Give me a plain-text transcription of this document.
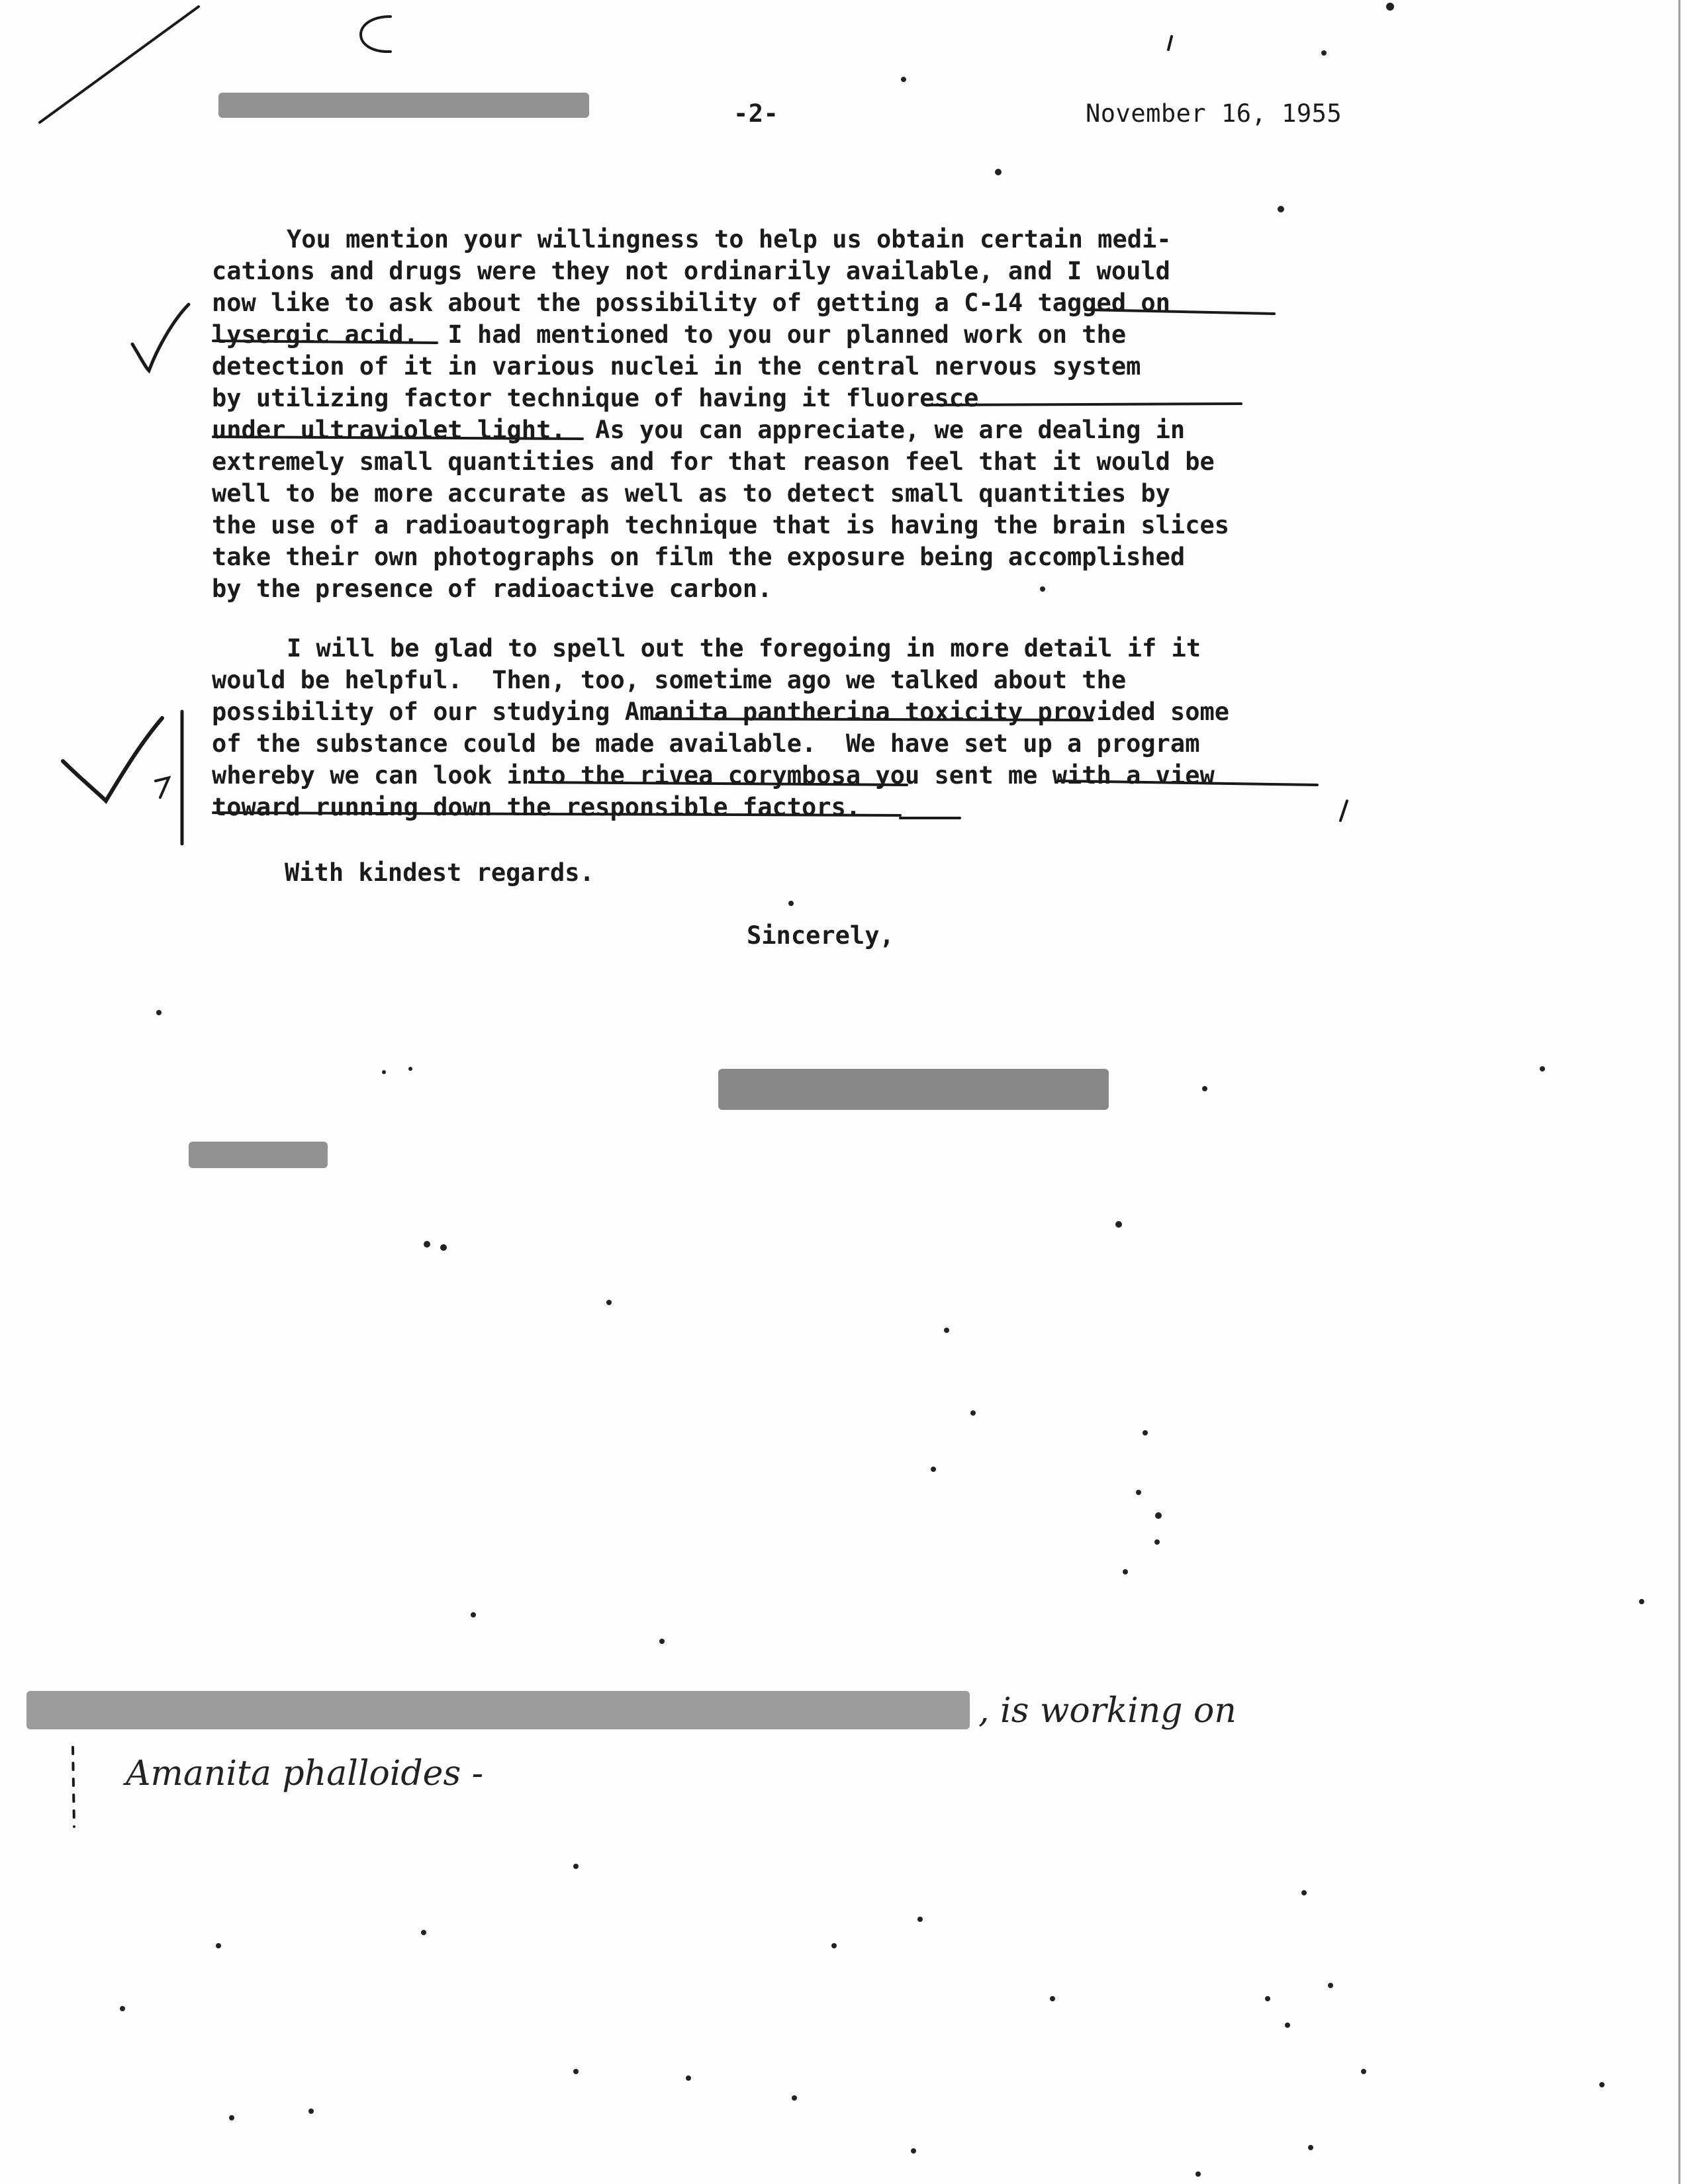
-2-	November 16, 1955
You mention your willingness to help us obtain certain medi-
cations and drugs were they not ordinarily available, and I would
now like to ask about the possibility of getting a C-14 tagged on
lysergic acid.  I had mentioned to you our planned work on the
detection of it in various nuclei in the central nervous system
by utilizing factor technique of having it fluoresce
under ultraviolet light.  As you can appreciate, we are dealing in
extremely small quantities and for that reason feel that it would be
well to be more accurate as well as to detect small quantities by
the use of a radioautograph technique that is having the brain slices
take their own photographs on film the exposure being accomplished
by the presence of radioactive carbon.
I will be glad to spell out the foregoing in more detail if it
would be helpful.  Then, too, sometime ago we talked about the
possibility of our studying Amanita pantherina toxicity provided some
of the substance could be made available.  We have set up a program
whereby we can look into the rivea corymbosa you sent me with a view
toward running down the responsible factors.
With kindest regards.
Sincerely,
, is working on
Amanita phalloides -
